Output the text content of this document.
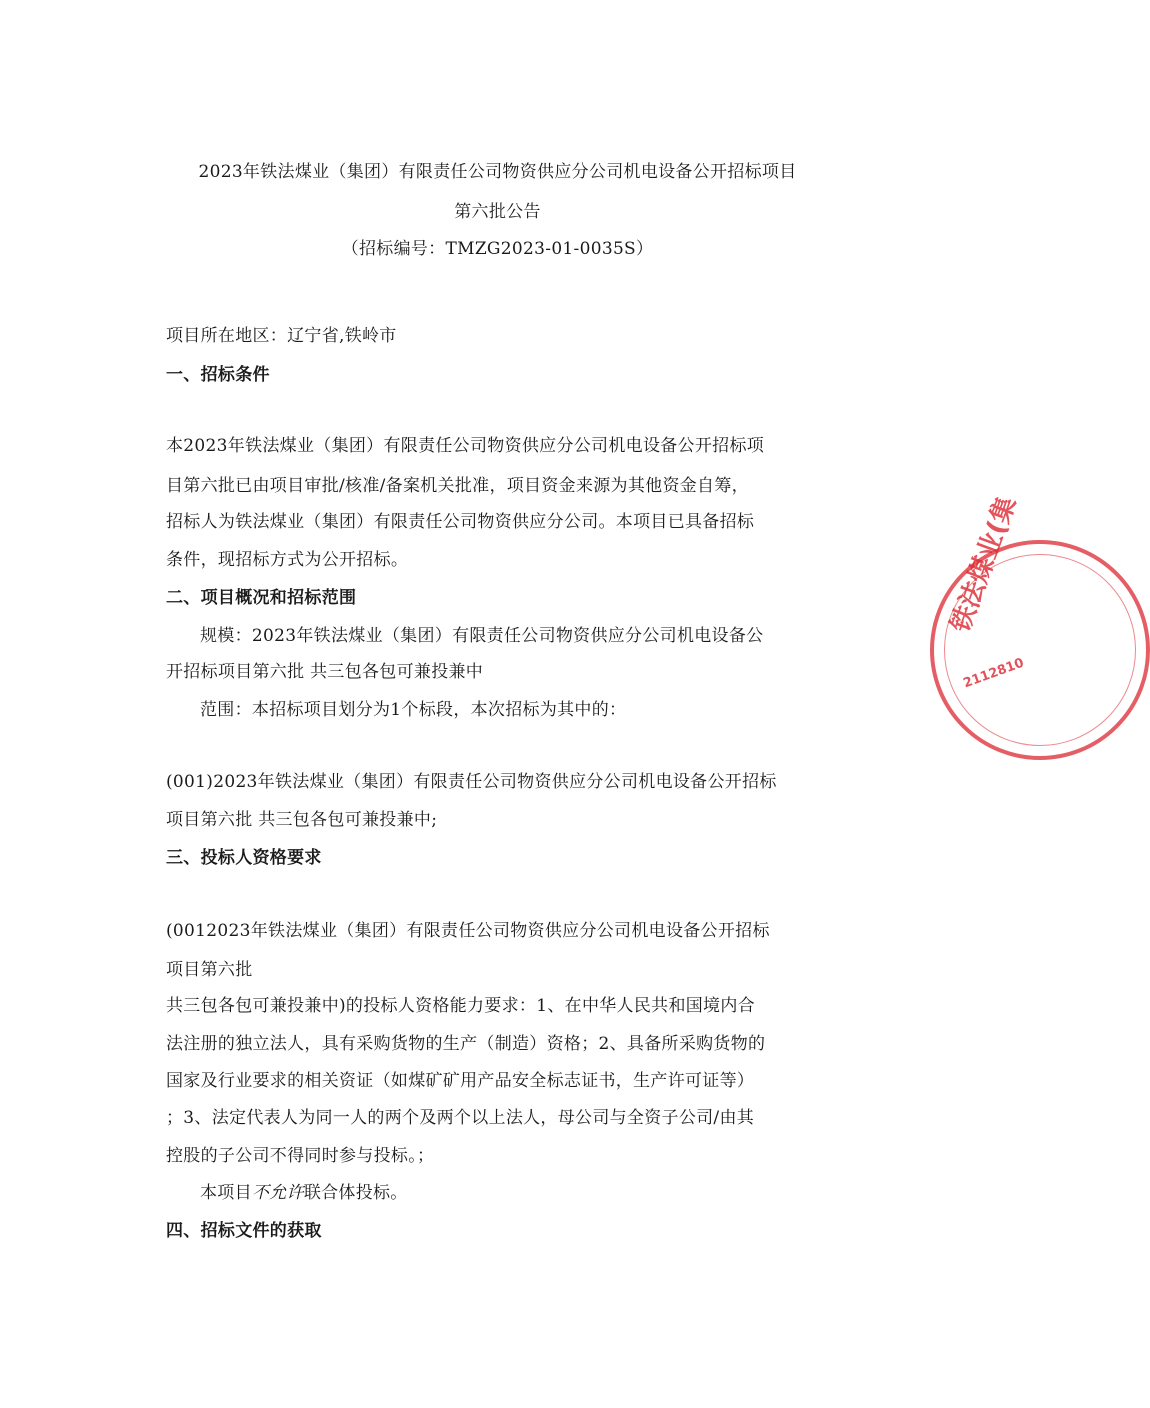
2023年铁法煤业（集团）有限责任公司物资供应分公司机电设备公开招标项目
第六批公告
（招标编号：TMZG2023-01-0035S）
项目所在地区：辽宁省,铁岭市
一、招标条件
本2023年铁法煤业（集团）有限责任公司物资供应分公司机电设备公开招标项
目第六批已由项目审批/核准/备案机关批准，项目资金来源为其他资金自筹，
招标人为铁法煤业（集团）有限责任公司物资供应分公司。本项目已具备招标
条件，现招标方式为公开招标。
二、项目概况和招标范围
规模：2023年铁法煤业（集团）有限责任公司物资供应分公司机电设备公
开招标项目第六批 共三包各包可兼投兼中
范围：本招标项目划分为1个标段，本次招标为其中的：
(001)2023年铁法煤业（集团）有限责任公司物资供应分公司机电设备公开招标
项目第六批 共三包各包可兼投兼中;
三、投标人资格要求
(0012023年铁法煤业（集团）有限责任公司物资供应分公司机电设备公开招标
项目第六批
共三包各包可兼投兼中)的投标人资格能力要求：1、在中华人民共和国境内合
法注册的独立法人，具有采购货物的生产（制造）资格；2、具备所采购货物的
国家及行业要求的相关资证（如煤矿矿用产品安全标志证书，生产许可证等）
；3、法定代表人为同一人的两个及两个以上法人，母公司与全资子公司/由其
控股的子公司不得同时参与投标。；
本项目不允许联合体投标。
四、招标文件的获取
铁法煤业(集
2112810
